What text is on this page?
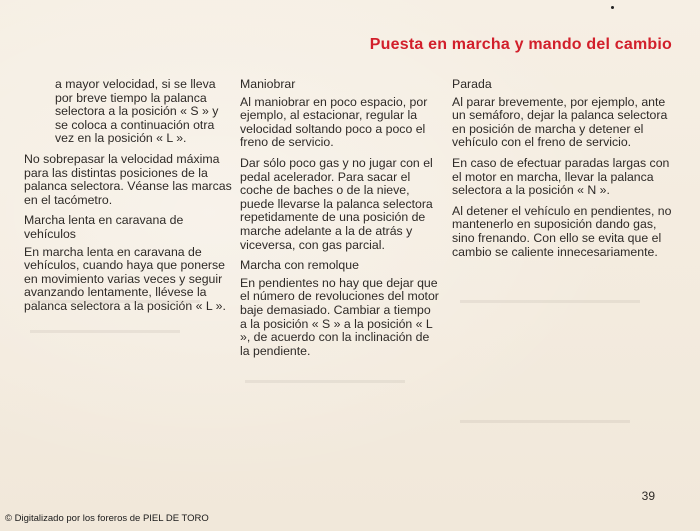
Puesta en marcha y mando del cambio

a mayor velocidad, si se lleva por breve tiempo la palanca selectora a la posición « S » y se coloca a continuación otra vez en la posición « L ».

No sobrepasar la velocidad máxima para las distintas posiciones de la palanca selectora. Véanse las marcas en el tacómetro.

Marcha lenta en caravana de vehículos

En marcha lenta en caravana de vehículos, cuando haya que ponerse en movimiento varias veces y seguir avanzando lentamente, llévese la palanca selectora a la posición « L ».

Maniobrar

Al maniobrar en poco espacio, por ejemplo, al estacionar, regular la velocidad soltando poco a poco el freno de servicio.

Dar sólo poco gas y no jugar con el pedal acelerador. Para sacar el coche de baches o de la nieve, puede llevarse la palanca selectora repetidamente de una posición de marche adelante a la de atrás y viceversa, con gas parcial.

Marcha con remolque

En pendientes no hay que dejar que el número de revoluciones del motor baje demasiado. Cambiar a tiempo a la posición « S » a la posición « L », de acuerdo con la inclinación de la pendiente.

Parada

Al parar brevemente, por ejemplo, ante un semáforo, dejar la palanca selectora en posición de marcha y detener el vehículo con el freno de servicio.

En caso de efectuar paradas largas con el motor en marcha, llevar la palanca selectora a la posición « N ».

Al detener el vehículo en pendientes, no mantenerlo en suposición dando gas, sino frenando. Con ello se evita que el cambio se caliente innecesariamente.

39
© Digitalizado por los foreros de PIEL DE TORO
